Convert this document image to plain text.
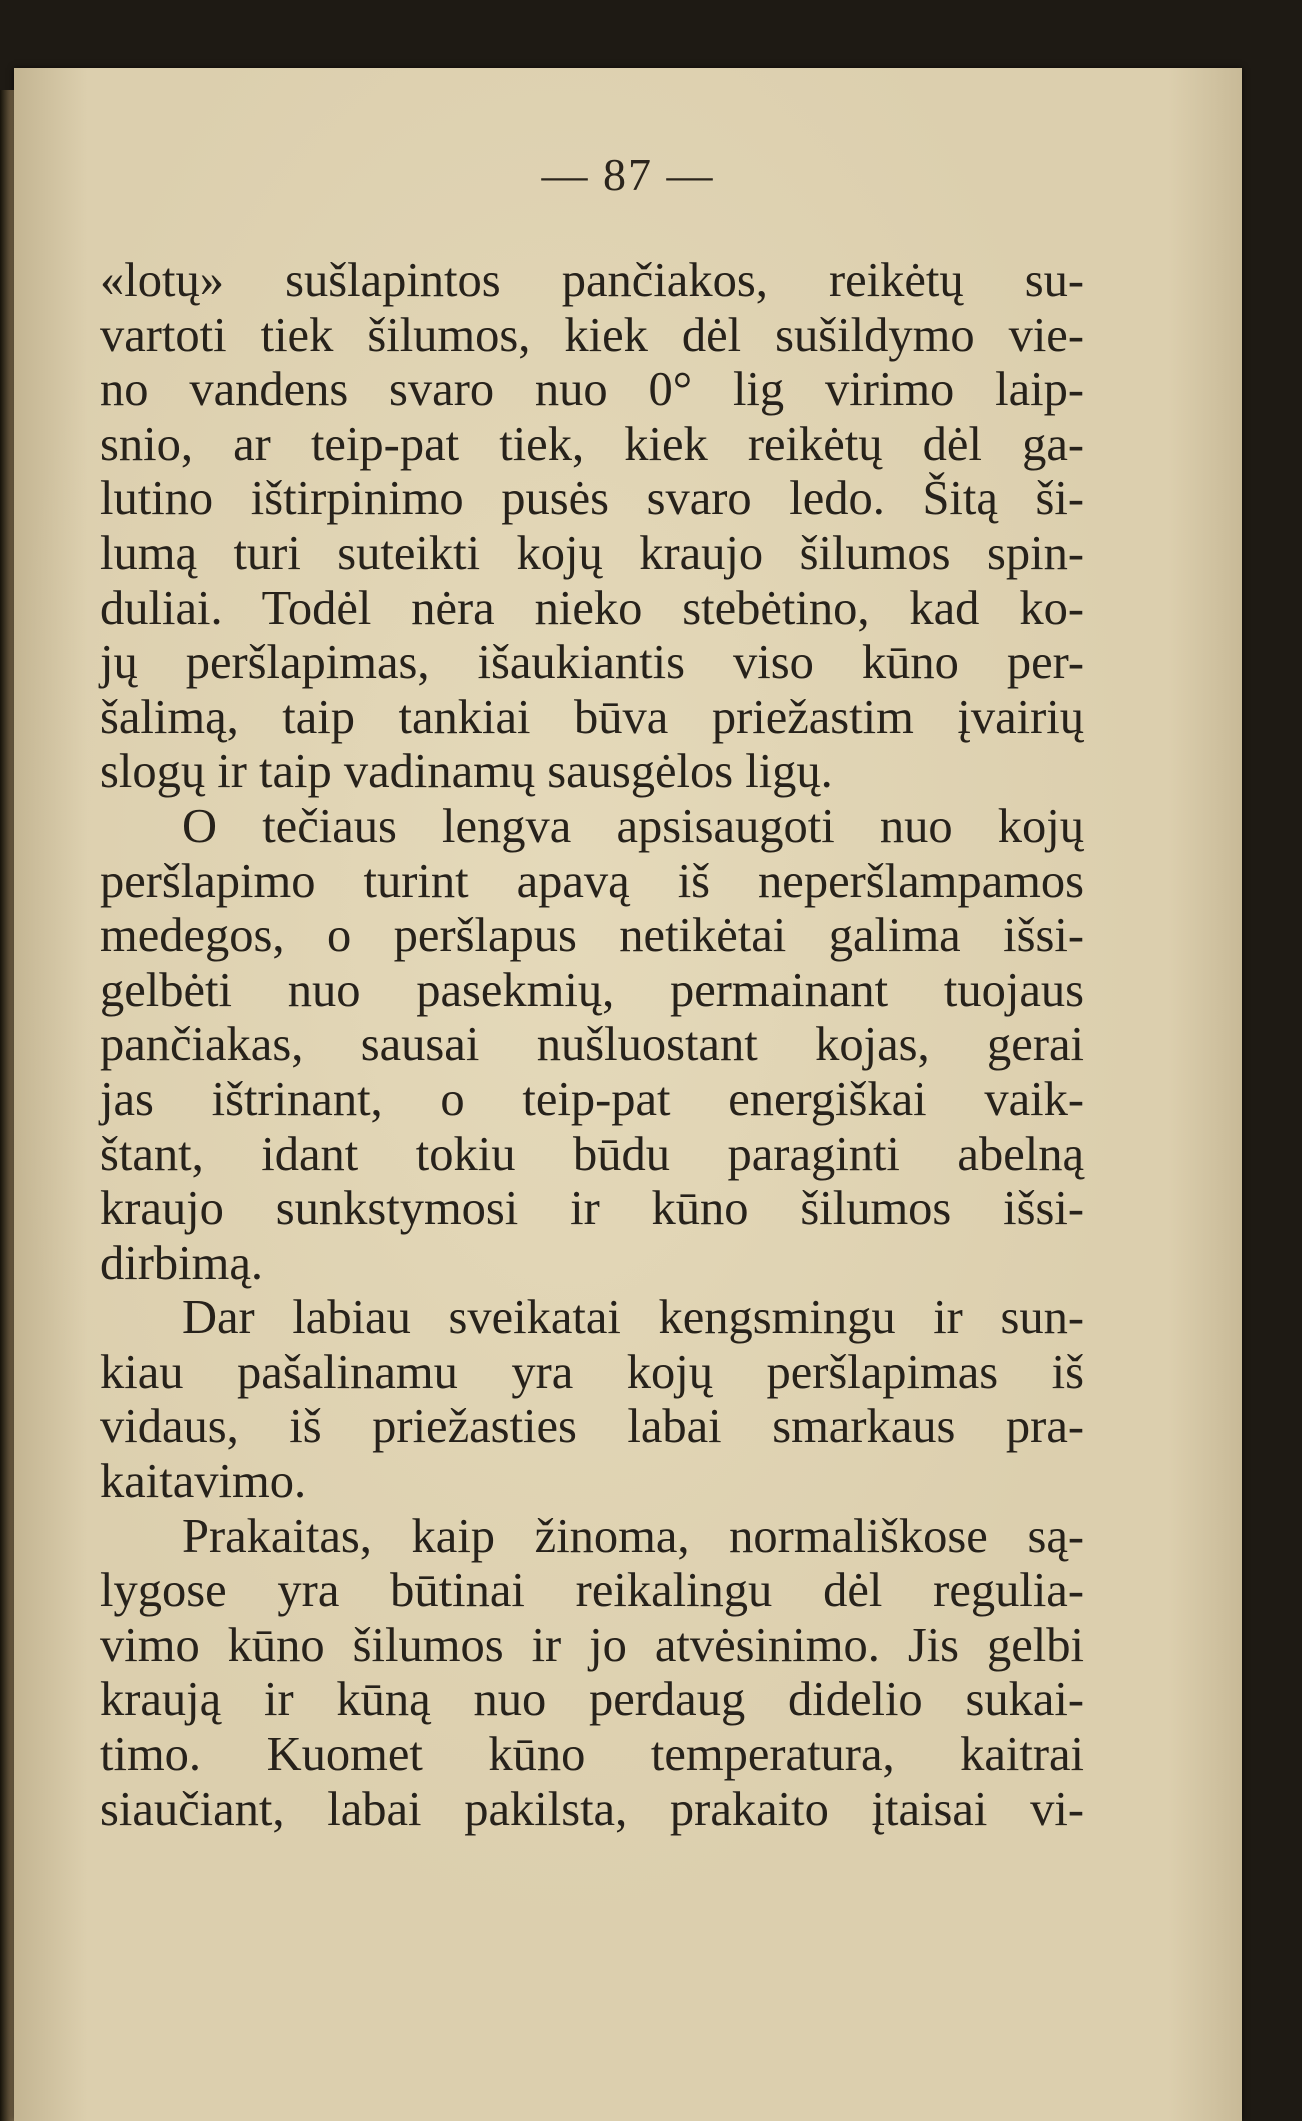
— 87 —
«lotų» sušlapintos pančiakos, reikėtų su-
vartoti tiek šilumos, kiek dėl sušildymo vie-
no vandens svaro nuo 0° lig virimo laip-
snio, ar teip-pat tiek, kiek reikėtų dėl ga-
lutino ištirpinimo pusės svaro ledo. Šitą ši-
lumą turi suteikti kojų kraujo šilumos spin-
duliai. Todėl nėra nieko stebėtino, kad ko-
jų peršlapimas, išaukiantis viso kūno per-
šalimą, taip tankiai būva priežastim įvairių
slogų ir taip vadinamų sausgėlos ligų.
O tečiaus lengva apsisaugoti nuo kojų
peršlapimo turint apavą iš neperšlampamos
medegos, o peršlapus netikėtai galima išsi-
gelbėti nuo pasekmių, permainant tuojaus
pančiakas, sausai nušluostant kojas, gerai
jas ištrinant, o teip-pat energiškai vaik-
štant, idant tokiu būdu paraginti abelną
kraujo sunkstymosi ir kūno šilumos išsi-
dirbimą.
Dar labiau sveikatai kengsmingu ir sun-
kiau pašalinamu yra kojų peršlapimas iš
vidaus, iš priežasties labai smarkaus pra-
kaitavimo.
Prakaitas, kaip žinoma, normališkose są-
lygose yra būtinai reikalingu dėl regulia-
vimo kūno šilumos ir jo atvėsinimo. Jis gelbi
kraują ir kūną nuo perdaug didelio sukai-
timo. Kuomet kūno temperatura, kaitrai
siaučiant, labai pakilsta, prakaito įtaisai vi-
